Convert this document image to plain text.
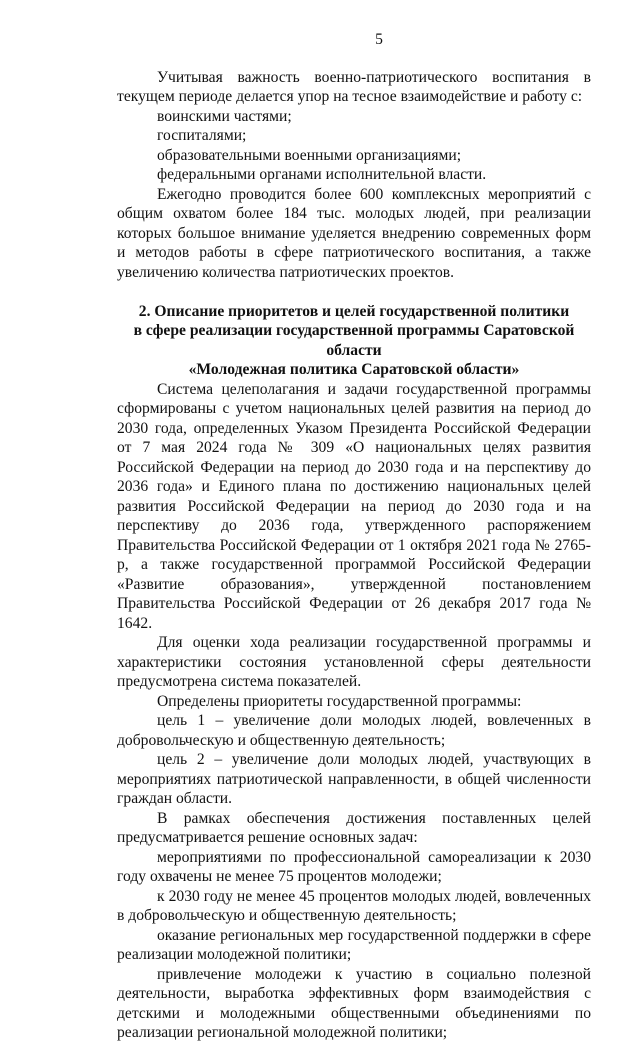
5

Учитывая важность военно-патриотического воспитания в текущем периоде делается упор на тесное взаимодействие и работу с:

воинскими частями;

госпиталями;

образовательными военными организациями;

федеральными органами исполнительной власти.

Ежегодно проводится более 600 комплексных мероприятий с общим охватом более 184 тыс. молодых людей, при реализации которых большое внимание уделяется внедрению современных форм и методов работы в сфере патриотического воспитания, а также увеличению количества патриотических проектов.

2. Описание приоритетов и целей государственной политики
в сфере реализации государственной программы Саратовской области
«Молодежная политика Саратовской области»

Система целеполагания и задачи государственной программы сформированы с учетом национальных целей развития на период до 2030 года, определенных Указом Президента Российской Федерации от 7 мая 2024 года № 309 «О национальных целях развития Российской Федерации на период до 2030 года и на перспективу до 2036 года» и Единого плана по достижению национальных целей развития Российской Федерации на период до 2030 года и на перспективу до 2036 года, утвержденного распоряжением Правительства Российской Федерации от 1 октября 2021 года № 2765-р, а также государственной программой Российской Федерации «Развитие образования», утвержденной постановлением Правительства Российской Федерации от 26 декабря 2017 года № 1642.

Для оценки хода реализации государственной программы и характеристики состояния установленной сферы деятельности предусмотрена система показателей.

Определены приоритеты государственной программы:

цель 1 – увеличение доли молодых людей, вовлеченных в добровольческую и общественную деятельность;

цель 2 – увеличение доли молодых людей, участвующих в мероприятиях патриотической направленности, в общей численности граждан области.

В рамках обеспечения достижения поставленных целей предусматривается решение основных задач:

мероприятиями по профессиональной самореализации к 2030 году охвачены не менее 75 процентов молодежи;

к 2030 году не менее 45 процентов молодых людей, вовлеченных в добровольческую и общественную деятельность;

оказание региональных мер государственной поддержки в сфере реализации молодежной политики;

привлечение молодежи к участию в социально полезной деятельности, выработка эффективных форм взаимодействия с детскими и молодежными общественными объединениями по реализации региональной молодежной политики;
